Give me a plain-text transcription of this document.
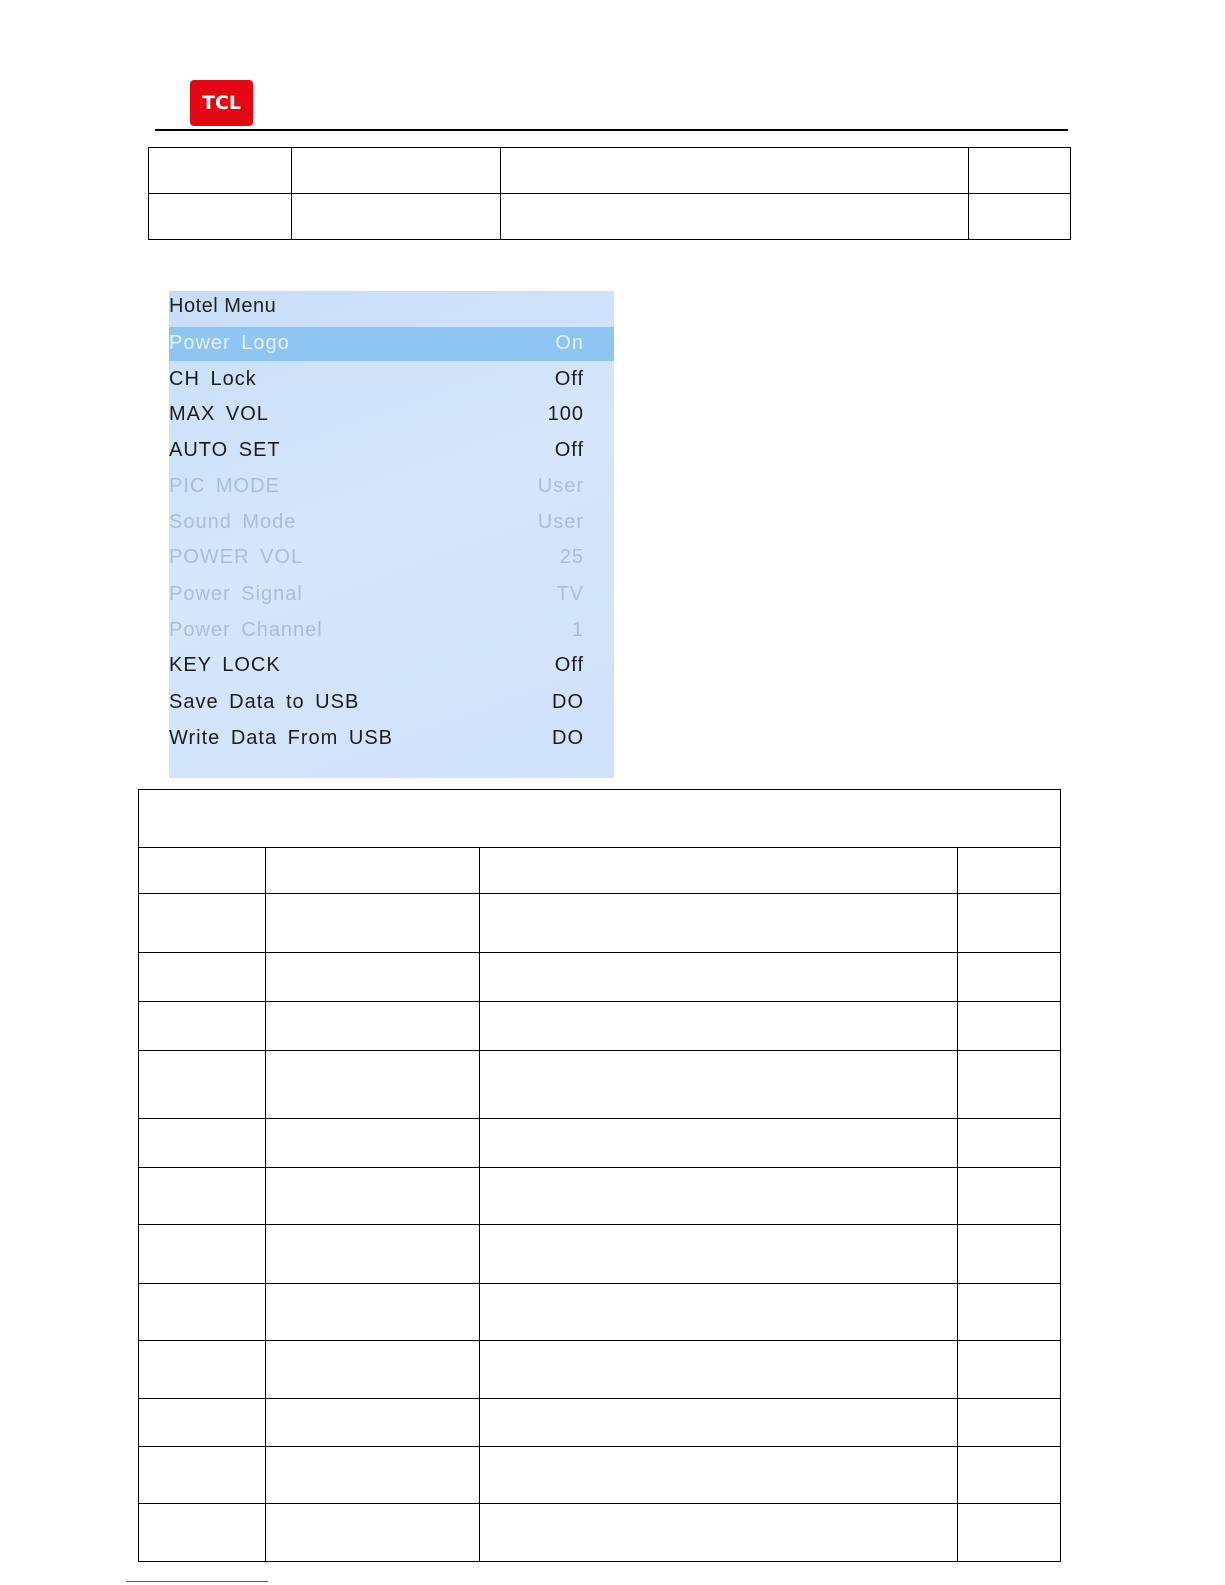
TCL

Hotel Menu
Power Logo	On
CH Lock	Off
MAX VOL	100
AUTO SET	Off
PIC MODE	User
Sound Mode	User
POWER VOL	25
Power Signal	TV
Power Channel	1
KEY LOCK	Off
Save Data to USB	DO
Write Data From USB	DO
